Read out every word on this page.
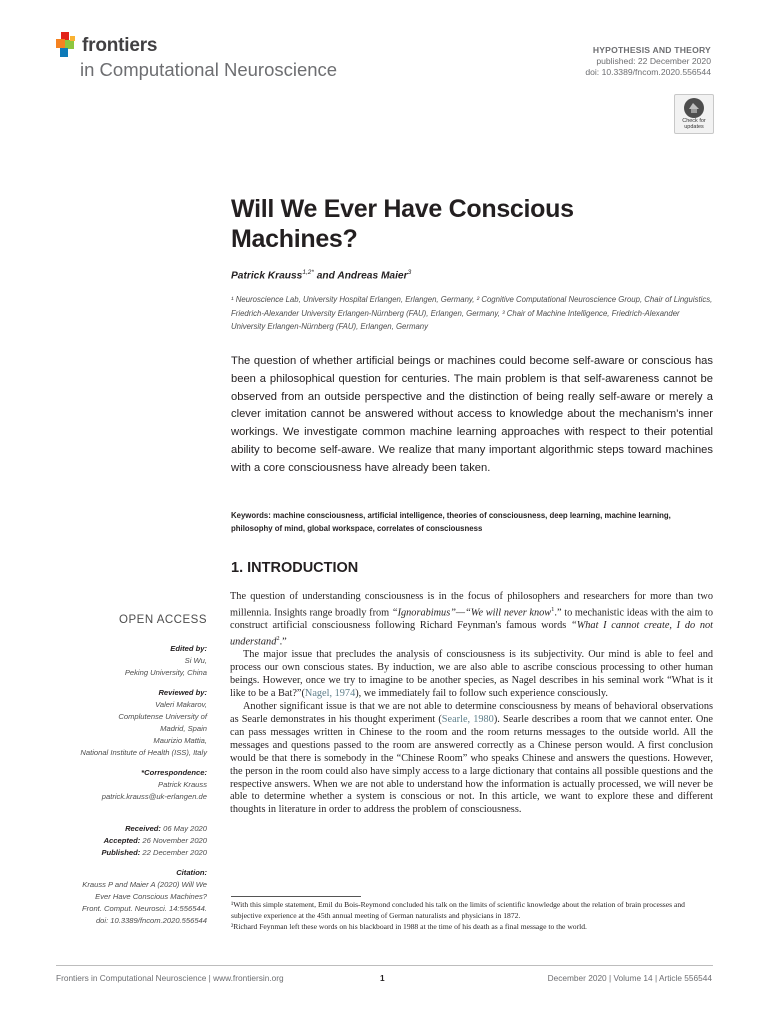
frontiers
in Computational Neuroscience
HYPOTHESIS AND THEORY
published: 22 December 2020
doi: 10.3389/fncom.2020.556544
Check for updates
Will We Ever Have Conscious Machines?
Patrick Krauss$^{1,2*}$ and Andreas Maier$^3$
¹ Neuroscience Lab, University Hospital Erlangen, Erlangen, Germany, ² Cognitive Computational Neuroscience Group, Chair of Linguistics, Friedrich-Alexander University Erlangen-Nürnberg (FAU), Erlangen, Germany, ³ Chair of Machine Intelligence, Friedrich-Alexander University Erlangen-Nürnberg (FAU), Erlangen, Germany
The question of whether artificial beings or machines could become self-aware or conscious has been a philosophical question for centuries. The main problem is that self-awareness cannot be observed from an outside perspective and the distinction of being really self-aware or merely a clever imitation cannot be answered without access to knowledge about the mechanism's inner workings. We investigate common machine learning approaches with respect to their potential ability to become self-aware. We realize that many important algorithmic steps toward machines with a core consciousness have already been taken.
Keywords: machine consciousness, artificial intelligence, theories of consciousness, deep learning, machine learning, philosophy of mind, global workspace, correlates of consciousness
OPEN ACCESS
Edited by:
Si Wu,
Peking University, China
Reviewed by:
Valeri Makarov,
Complutense University of
Madrid, Spain
Maurizio Mattia,
National Institute of Health (ISS), Italy
*Correspondence:
Patrick Krauss
patrick.krauss@uk-erlangen.de
Received: 06 May 2020
Accepted: 26 November 2020
Published: 22 December 2020
Citation:
Krauss P and Maier A (2020) Will We
Ever Have Conscious Machines?
Front. Comput. Neurosci. 14:556544.
doi: 10.3389/fncom.2020.556544
1. INTRODUCTION

The question of understanding consciousness is in the focus of philosophers and researchers for more than two millennia. Insights range broadly from “Ignorabimus”—“We will never know$^1$.” to mechanistic ideas with the aim to construct artificial consciousness following Richard Feynman's famous words “What I cannot create, I do not understand$^2$.”

The major issue that precludes the analysis of consciousness is its subjectivity. Our mind is able to feel and process our own conscious states. By induction, we are also able to ascribe conscious processing to other human beings. However, once we try to imagine to be another species, as Nagel describes in his seminal work “What is it like to be a Bat?”(Nagel, 1974), we immediately fail to follow such experience consciously.

Another significant issue is that we are not able to determine consciousness by means of behavioral observations as Searle demonstrates in his thought experiment (Searle, 1980). Searle describes a room that we cannot enter. One can pass messages written in Chinese to the room and the room returns messages to the outside world. All the messages and questions passed to the room are answered correctly as a Chinese person would. A first conclusion would be that there is somebody in the “Chinese Room” who speaks Chinese and answers the questions. However, the person in the room could also have simply access to a large dictionary that contains all possible questions and the respective answers. When we are not able to understand how the information is actually processed, we will never be able to determine whether a system is conscious or not. In this article, we want to explore these and different thoughts in literature in order to address the problem of consciousness.

¹With this simple statement, Emil du Bois-Reymond concluded his talk on the limits of scientific knowledge about the relation of brain processes and subjective experience at the 45th annual meeting of German naturalists and physicians in 1872.
²Richard Feynman left these words on his blackboard in 1988 at the time of his death as a final message to the world.
Frontiers in Computational Neuroscience | www.frontiersin.org	1	December 2020 | Volume 14 | Article 556544
